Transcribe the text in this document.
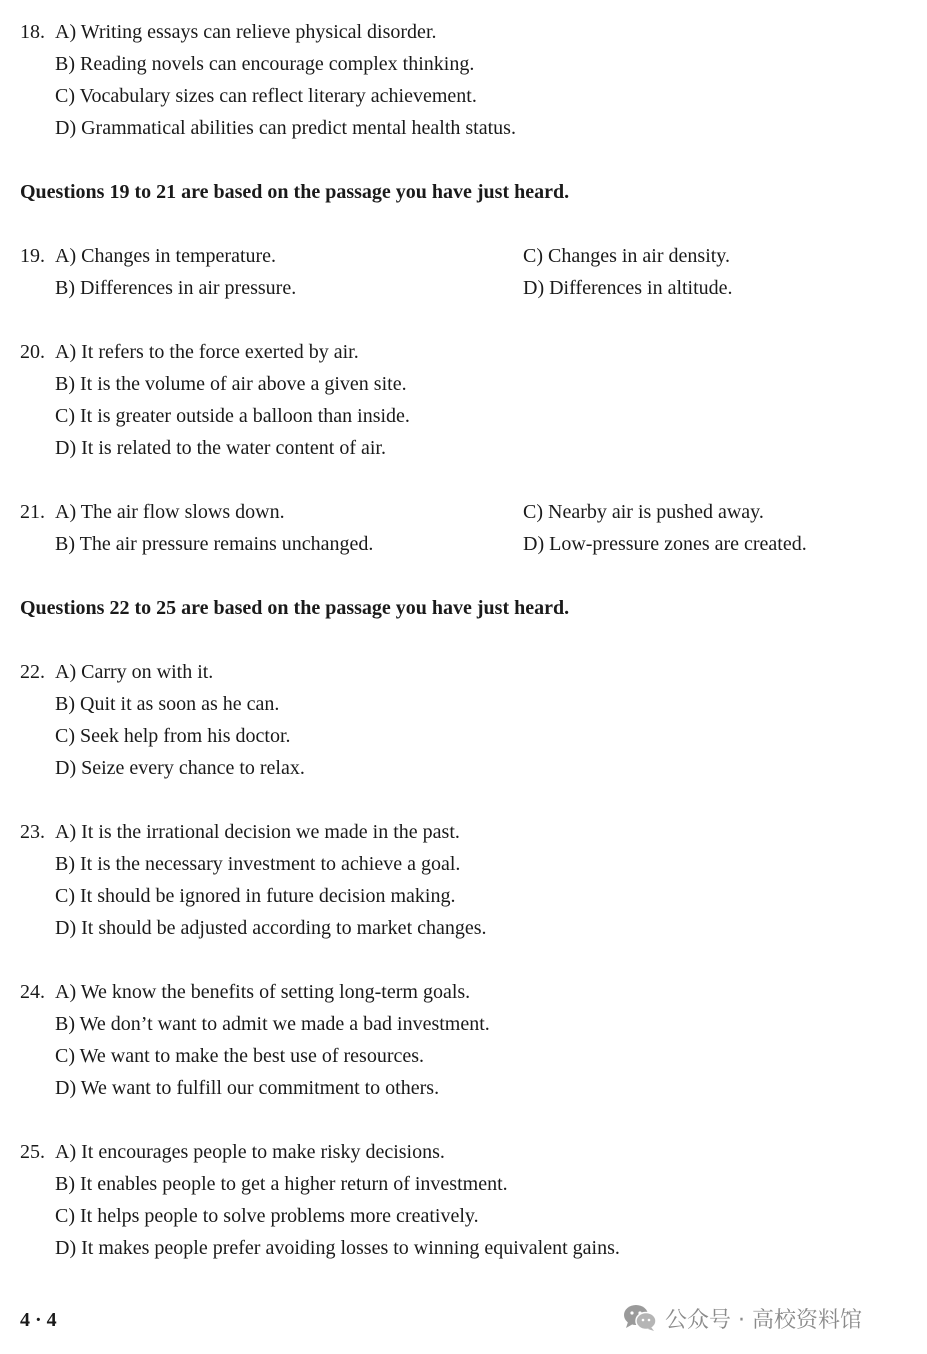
18. A) Writing essays can relieve physical disorder.
B) Reading novels can encourage complex thinking.
C) Vocabulary sizes can reflect literary achievement.
D) Grammatical abilities can predict mental health status.
Questions 19 to 21 are based on the passage you have just heard.
19. A) Changes in temperature.	C) Changes in air density.
B) Differences in air pressure.	D) Differences in altitude.
20. A) It refers to the force exerted by air.
B) It is the volume of air above a given site.
C) It is greater outside a balloon than inside.
D) It is related to the water content of air.
21. A) The air flow slows down.	C) Nearby air is pushed away.
B) The air pressure remains unchanged.	D) Low-pressure zones are created.
Questions 22 to 25 are based on the passage you have just heard.
22. A) Carry on with it.
B) Quit it as soon as he can.
C) Seek help from his doctor.
D) Seize every chance to relax.
23. A) It is the irrational decision we made in the past.
B) It is the necessary investment to achieve a goal.
C) It should be ignored in future decision making.
D) It should be adjusted according to market changes.
24. A) We know the benefits of setting long-term goals.
B) We don’t want to admit we made a bad investment.
C) We want to make the best use of resources.
D) We want to fulfill our commitment to others.
25. A) It encourages people to make risky decisions.
B) It enables people to get a higher return of investment.
C) It helps people to solve problems more creatively.
D) It makes people prefer avoiding losses to winning equivalent gains.
4 · 4	公众号 · 高校资料馆
